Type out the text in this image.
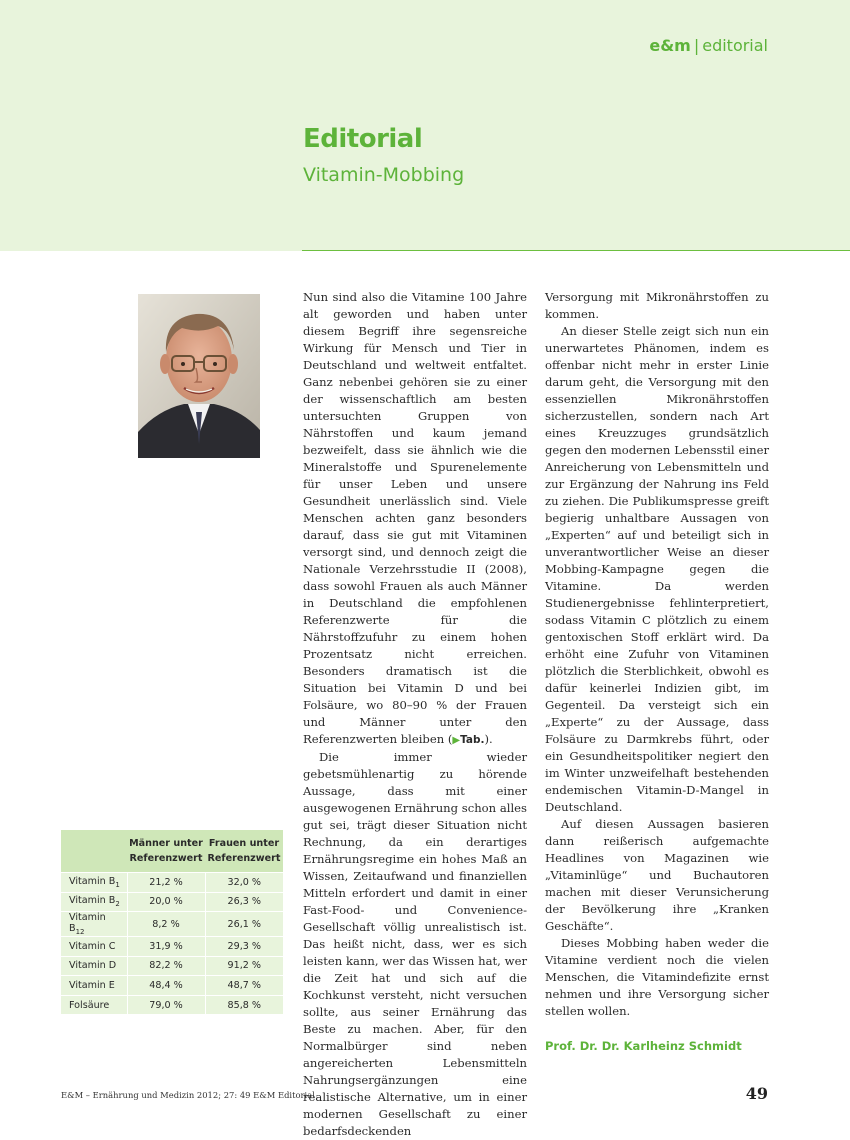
e&m | editorial
Editorial
Vitamin-Mobbing

Nun sind also die Vitamine 100 Jahre alt geworden und haben unter diesem Begriff ihre segensreiche Wirkung für Mensch und Tier in Deutschland und weltweit entfaltet. Ganz nebenbei gehören sie zu einer der wissenschaftlich am besten untersuchten Gruppen von Nährstoffen und kaum jemand bezweifelt, dass sie ähnlich wie die Mineralstoffe und Spurenelemente für unser Leben und unsere Gesundheit unerlässlich sind. Viele Menschen achten ganz besonders darauf, dass sie gut mit Vitaminen versorgt sind, und dennoch zeigt die Nationale Verzehrsstudie II (2008), dass sowohl Frauen als auch Männer in Deutschland die empfohlenen Referenzwerte für die Nährstoffzufuhr zu einem hohen Prozentsatz nicht erreichen. Besonders dramatisch ist die Situation bei Vitamin D und bei Folsäure, wo 80–90 % der Frauen und Männer unter den Referenzwerten bleiben (▶Tab.).

Die immer wieder gebetsmühlenartig zu hörende Aussage, dass mit einer ausgewogenen Ernährung schon alles gut sei, trägt dieser Situation nicht Rechnung, da ein derartiges Ernährungsregime ein hohes Maß an Wissen, Zeitaufwand und finanziellen Mitteln erfordert und damit in einer Fast-Food- und Convenience-Gesellschaft völlig unrealistisch ist. Das heißt nicht, dass, wer es sich leisten kann, wer das Wissen hat, wer die Zeit hat und sich auf die Kochkunst versteht, nicht versuchen sollte, aus seiner Ernährung das Beste zu machen. Aber, für den Normalbürger sind neben angereicherten Lebensmitteln Nahrungsergänzungen eine realistische Alternative, um in einer modernen Gesellschaft zu einer bedarfsdeckenden

Versorgung mit Mikronährstoffen zu kommen.

An dieser Stelle zeigt sich nun ein unerwartetes Phänomen, indem es offenbar nicht mehr in erster Linie darum geht, die Versorgung mit den essenziellen Mikronährstoffen sicherzustellen, sondern nach Art eines Kreuzzuges grundsätzlich gegen den modernen Lebensstil einer Anreicherung von Lebensmitteln und zur Ergänzung der Nahrung ins Feld zu ziehen. Die Publikumspresse greift begierig unhaltbare Aussagen von „Experten“ auf und beteiligt sich in unverantwortlicher Weise an dieser Mobbing-Kampagne gegen die Vitamine. Da werden Studienergebnisse fehlinterpretiert, sodass Vitamin C plötzlich zu einem gentoxischen Stoff erklärt wird. Da erhöht eine Zufuhr von Vitaminen plötzlich die Sterblichkeit, obwohl es dafür keinerlei Indizien gibt, im Gegenteil. Da versteigt sich ein „Experte“ zu der Aussage, dass Folsäure zu Darmkrebs führt, oder ein Gesundheitspolitiker negiert den im Winter unzweifelhaft bestehenden endemischen Vitamin-D-Mangel in Deutschland.

Auf diesen Aussagen basieren dann reißerisch aufgemachte Headlines von Magazinen wie „Vitaminlüge“ und Buchautoren machen mit dieser Verunsicherung der Bevölkerung ihre „Kranken Geschäfte“.

Dieses Mobbing haben weder die Vitamine verdient noch die vielen Menschen, die Vitamindefizite ernst nehmen und ihre Versorgung sicher stellen wollen.

Prof. Dr. Dr. Karlheinz Schmidt

	Männer unter Referenzwert	Frauen unter Referenzwert
Vitamin $B_1$	21,2 %	32,0 %
Vitamin $B_2$	20,0 %	26,3 %
Vitamin $B_{12}$	8,2 %	26,1 %
Vitamin C	31,9 %	29,3 %
Vitamin D	82,2 %	91,2 %
Vitamin E	48,4 %	48,7 %
Folsäure	79,0 %	85,8 %
E&M – Ernährung und Medizin 2012; 27: 49 E&M Editorial	49
